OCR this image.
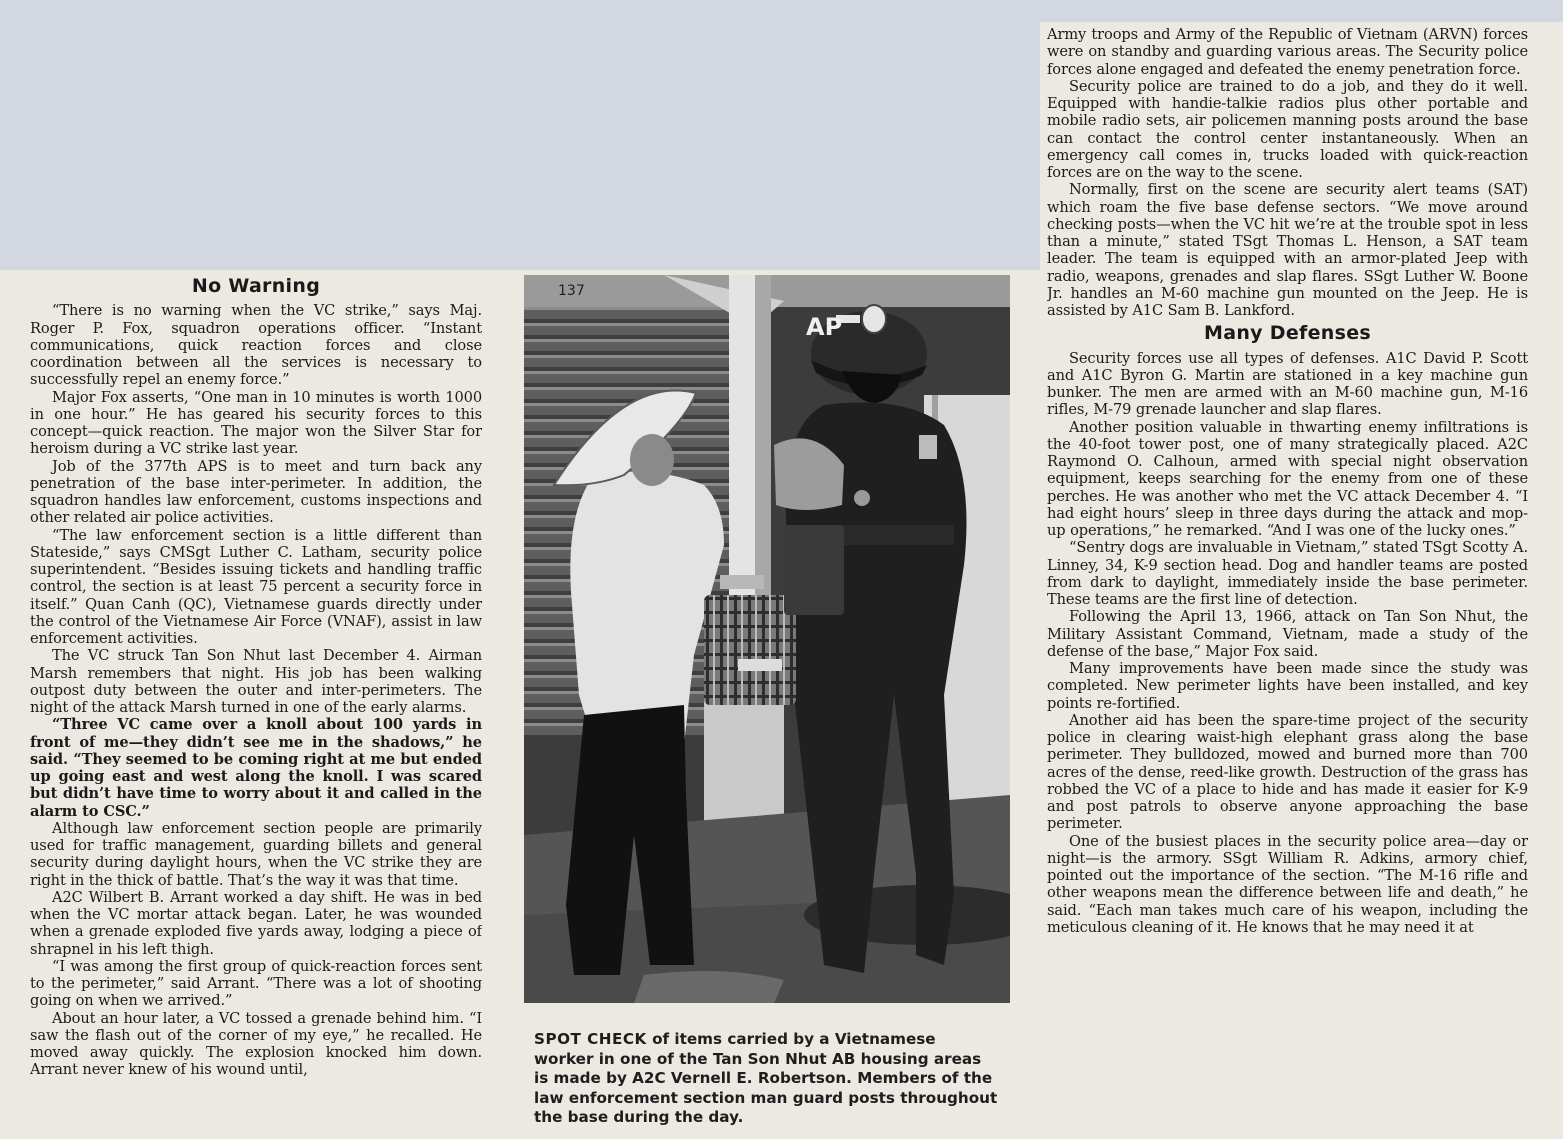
No Warning

“There is no warning when the VC strike,” says Maj. Roger P. Fox, squadron operations officer. “Instant communications, quick reaction forces and close coordination between all the services is necessary to successfully repel an enemy force.”

Major Fox asserts, “One man in 10 minutes is worth 1000 in one hour.” He has geared his security forces to this concept—quick reaction. The major won the Silver Star for heroism during a VC strike last year.

Job of the 377th APS is to meet and turn back any penetration of the base inter-perimeter. In addition, the squadron handles law enforcement, customs inspections and other related air police activities.

“The law enforcement section is a little different than Stateside,” says CMSgt Luther C. Latham, security police superintendent. “Besides issuing tickets and handling traffic control, the section is at least 75 percent a security force in itself.” Quan Canh (QC), Vietnamese guards directly under the control of the Vietnamese Air Force (VNAF), assist in law enforcement activities.

The VC struck Tan Son Nhut last December 4. Airman Marsh remembers that night. His job has been walking outpost duty between the outer and inter-perimeters. The night of the attack Marsh turned in one of the early alarms.

“Three VC came over a knoll about 100 yards in front of me—they didn’t see me in the shadows,” he said. “They seemed to be coming right at me but ended up going east and west along the knoll. I was scared but didn’t have time to worry about it and called in the alarm to CSC.”

Although law enforcement section people are primarily used for traffic management, guarding billets and general security during daylight hours, when the VC strike they are right in the thick of battle. That’s the way it was that time.

A2C Wilbert B. Arrant worked a day shift. He was in bed when the VC mortar attack began. Later, he was wounded when a grenade exploded five yards away, lodging a piece of shrapnel in his left thigh.

“I was among the first group of quick-reaction forces sent to the perimeter,” said Arrant. “There was a lot of shooting going on when we arrived.”

About an hour later, a VC tossed a grenade behind him. “I saw the flash out of the corner of my eye,” he recalled. He moved away quickly. The explosion knocked him down. Arrant never knew of his wound until,

137
AP
SPOT CHECK of items carried by a Vietnamese worker in one of the Tan Son Nhut AB housing areas is made by A2C Vernell E. Robertson. Members of the law enforcement section man guard posts throughout the base during the day.

Army troops and Army of the Republic of Vietnam (ARVN) forces were on standby and guarding various areas. The Security police forces alone engaged and defeated the enemy penetration force.

Security police are trained to do a job, and they do it well. Equipped with handie-talkie radios plus other portable and mobile radio sets, air policemen manning posts around the base can contact the control center instantaneously. When an emergency call comes in, trucks loaded with quick-reaction forces are on the way to the scene.

Normally, first on the scene are security alert teams (SAT) which roam the five base defense sectors. “We move around checking posts—when the VC hit we’re at the trouble spot in less than a minute,” stated TSgt Thomas L. Henson, a SAT team leader. The team is equipped with an armor-plated Jeep with radio, weapons, grenades and slap flares. SSgt Luther W. Boone Jr. handles an M-60 machine gun mounted on the Jeep. He is assisted by A1C Sam B. Lankford.

Many Defenses

Security forces use all types of defenses. A1C David P. Scott and A1C Byron G. Martin are stationed in a key machine gun bunker. The men are armed with an M-60 machine gun, M-16 rifles, M-79 grenade launcher and slap flares.

Another position valuable in thwarting enemy infiltrations is the 40-foot tower post, one of many strategically placed. A2C Raymond O. Calhoun, armed with special night observation equipment, keeps searching for the enemy from one of these perches. He was another who met the VC attack December 4. “I had eight hours’ sleep in three days during the attack and mop-up operations,” he remarked. “And I was one of the lucky ones.”

“Sentry dogs are invaluable in Vietnam,” stated TSgt Scotty A. Linney, 34, K-9 section head. Dog and handler teams are posted from dark to daylight, immediately inside the base perimeter. These teams are the first line of detection.

Following the April 13, 1966, attack on Tan Son Nhut, the Military Assistant Command, Vietnam, made a study of the defense of the base,” Major Fox said.

Many improvements have been made since the study was completed. New perimeter lights have been installed, and key points re-fortified.

Another aid has been the spare-time project of the security police in clearing waist-high elephant grass along the base perimeter. They bulldozed, mowed and burned more than 700 acres of the dense, reed-like growth. Destruction of the grass has robbed the VC of a place to hide and has made it easier for K-9 and post patrols to observe anyone approaching the base perimeter.

One of the busiest places in the security police area—day or night—is the armory. SSgt William R. Adkins, armory chief, pointed out the importance of the section. “The M-16 rifle and other weapons mean the difference between life and death,” he said. “Each man takes much care of his weapon, including the meticulous cleaning of it. He knows that he may need it at
